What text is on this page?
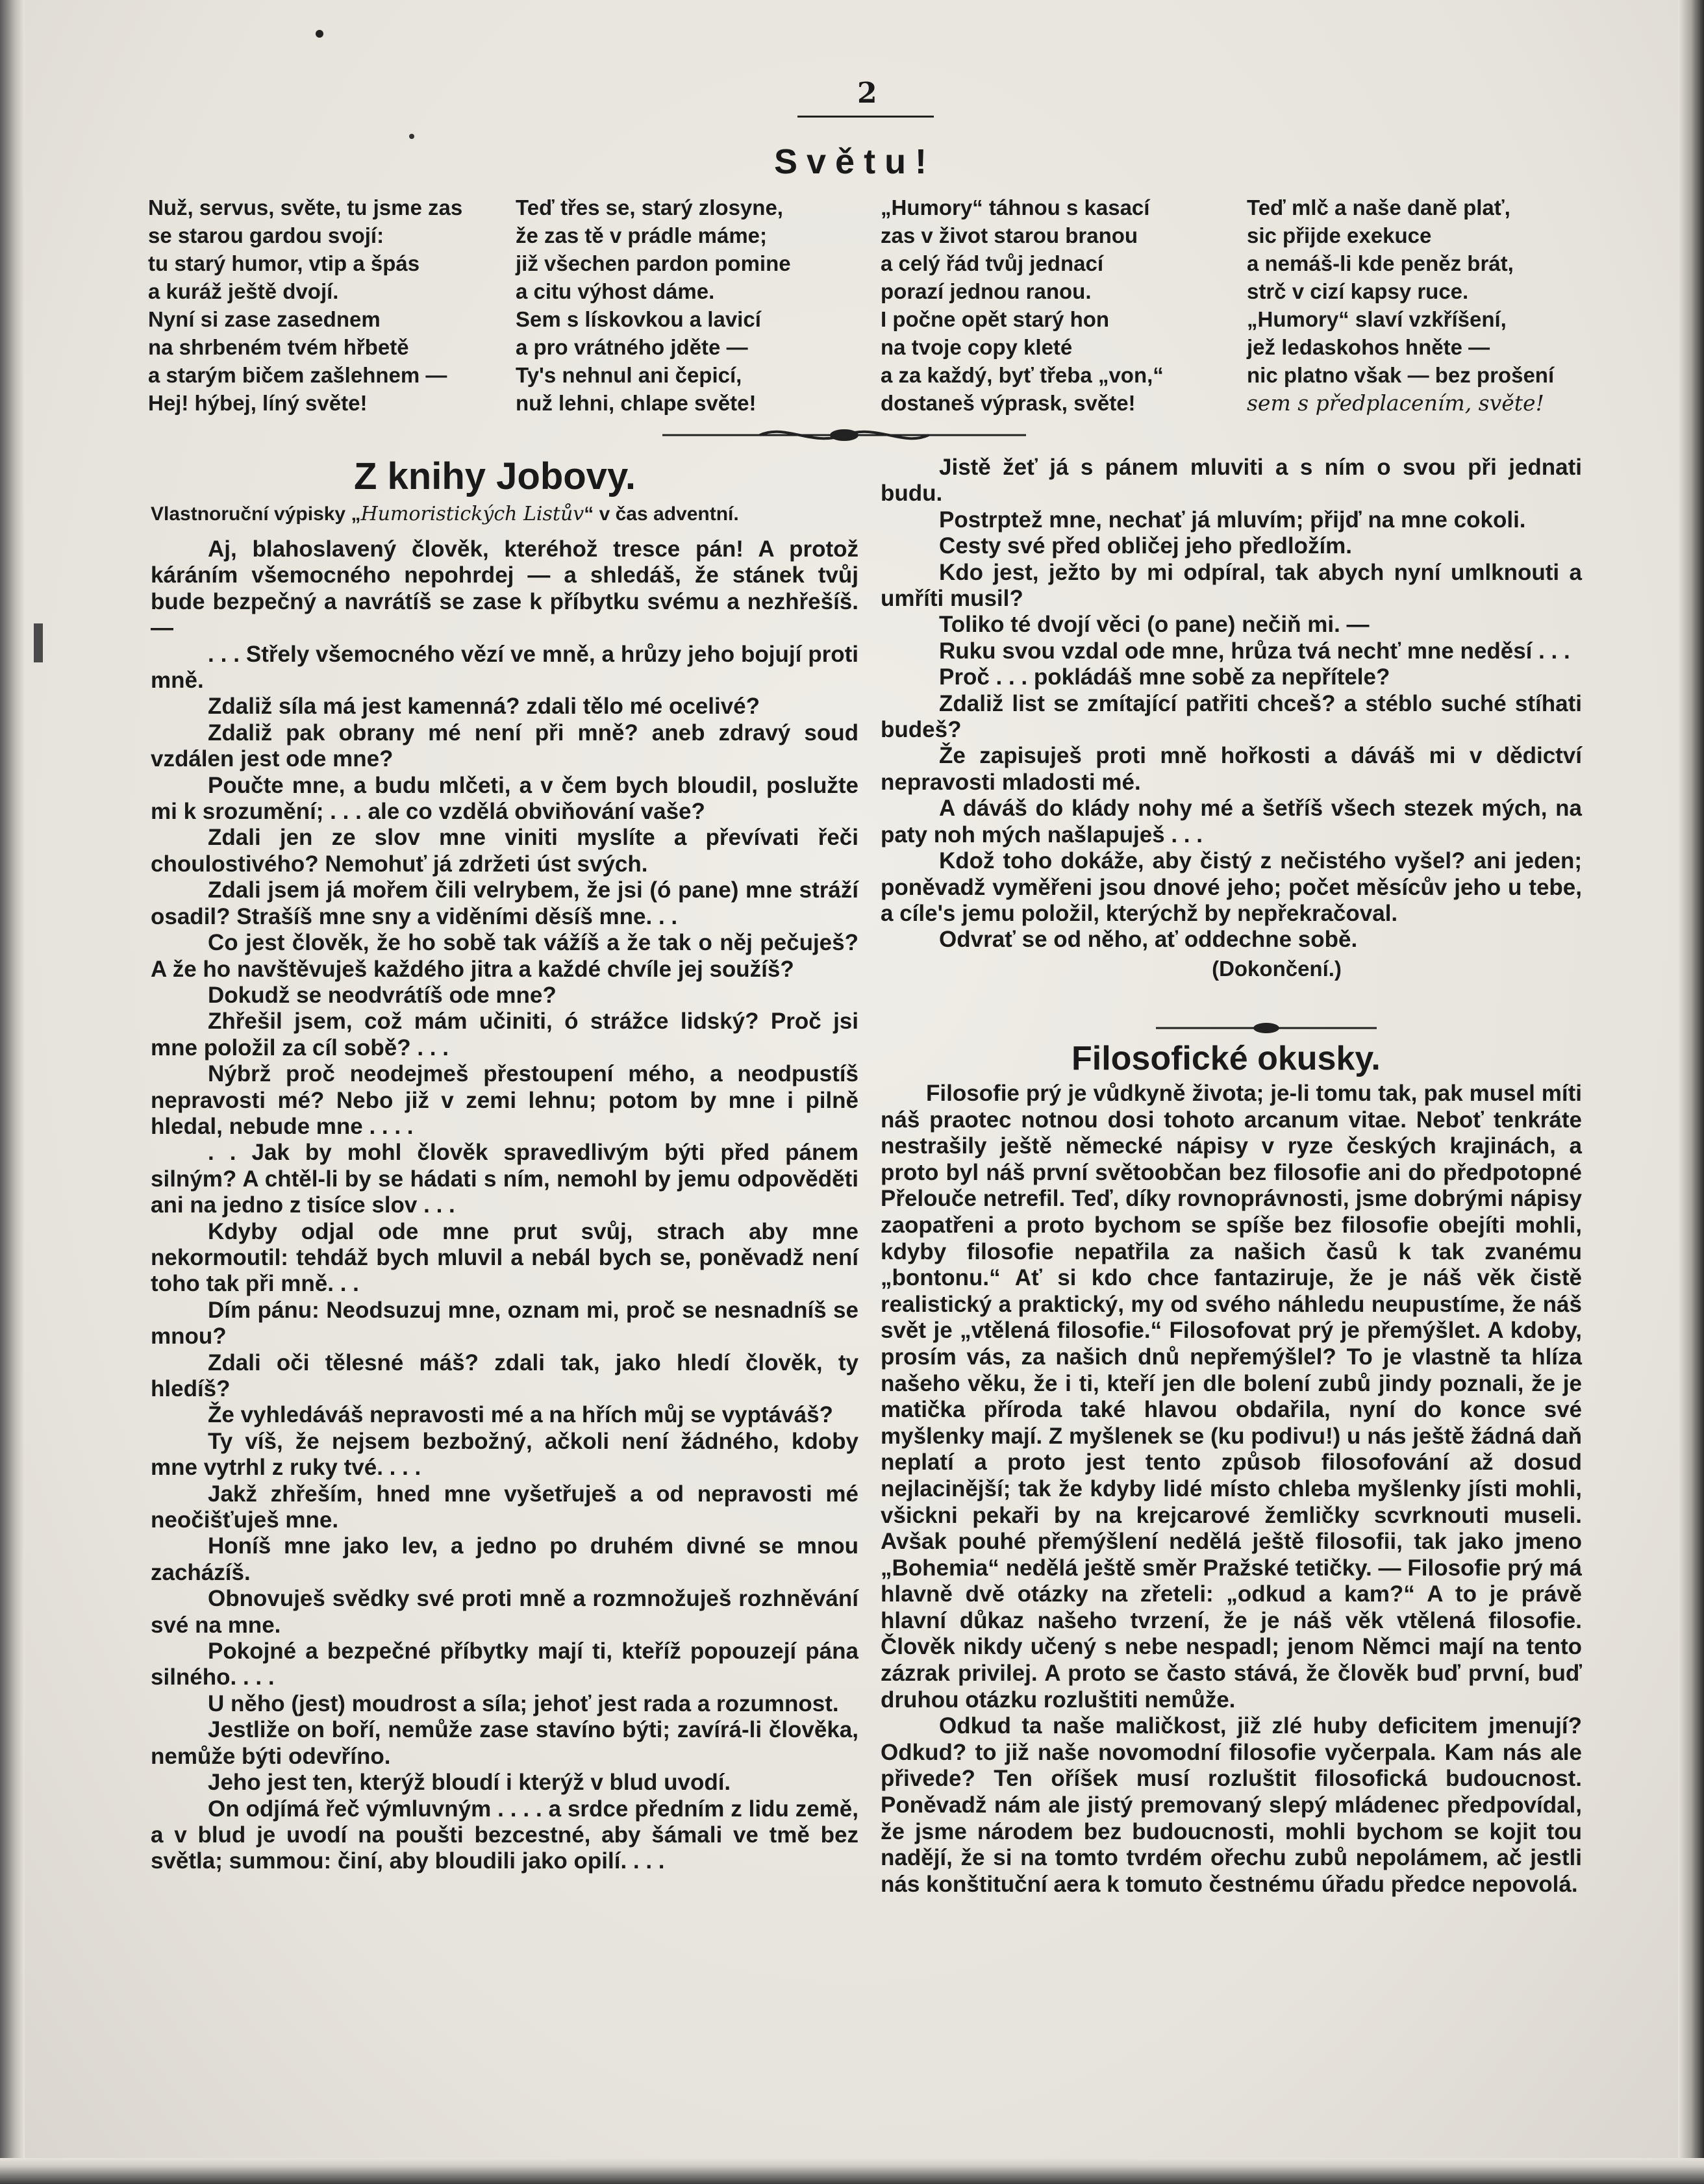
2
Světu!
Nuž, servus, světe, tu jsme zas
se starou gardou svojí:
tu starý humor, vtip a špás
a kuráž ještě dvojí.
Nyní si zase zasednem
na shrbeném tvém hřbetě
a starým bičem zašlehnem —
Hej! hýbej, líný světe!
Teď třes se, starý zlosyne,
že zas tě v prádle máme;
již všechen pardon pomine
a citu výhost dáme.
Sem s lískovkou a lavicí
a pro vrátného jděte —
Ty's nehnul ani čepicí,
nuž lehni, chlape světe!
„Humory“ táhnou s kasací
zas v život starou branou
a celý řád tvůj jednací
porazí jednou ranou.
I počne opět starý hon
na tvoje copy kleté
a za každý, byť třeba „von,“
dostaneš výprask, světe!
Teď mlč a naše daně plať,
sic přijde exekuce
a nemáš-li kde peněz brát,
strč v cizí kapsy ruce.
„Humory“ slaví vzkříšení,
jež ledaskohos hněte —
nic platno však — bez prošení
sem s předplacením, světe!
Z knihy Jobovy.
Vlastnoruční výpisky „Humoristických Listův“ v čas adventní.

Aj, blahoslavený člověk, kteréhož tresce pán! A protož káráním všemocného nepohrdej — a shledáš, že stánek tvůj bude bezpečný a navrátíš se zase k příbytku svému a nezhřešíš. —

. . . Střely všemocného vězí ve mně, a hrůzy jeho bojují proti mně.

Zdaliž síla má jest kamenná? zdali tělo mé ocelivé?

Zdaliž pak obrany mé není při mně? aneb zdravý soud vzdálen jest ode mne?

Poučte mne, a budu mlčeti, a v čem bych bloudil, poslužte mi k srozumění; . . . ale co vzdělá obviňování vaše?

Zdali jen ze slov mne viniti myslíte a převívati řeči choulostivého? Nemohuť já zdržeti úst svých.

Zdali jsem já mořem čili velrybem, že jsi (ó pane) mne stráží osadil? Strašíš mne sny a viděními děsíš mne. . .

Co jest člověk, že ho sobě tak vážíš a že tak o něj pečuješ? A že ho navštěvuješ každého jitra a každé chvíle jej soužíš?

Dokudž se neodvrátíš ode mne?

Zhřešil jsem, což mám učiniti, ó strážce lidský? Proč jsi mne položil za cíl sobě? . . .

Nýbrž proč neodejmeš přestoupení mého, a neodpustíš nepravosti mé? Nebo již v zemi lehnu; potom by mne i pilně hledal, nebude mne . . . .

. . Jak by mohl člověk spravedlivým býti před pánem silným? A chtěl-li by se hádati s ním, nemohl by jemu odpověděti ani na jedno z tisíce slov . . .

Kdyby odjal ode mne prut svůj, strach aby mne nekormoutil: tehdáž bych mluvil a nebál bych se, poněvadž není toho tak při mně. . .

Dím pánu: Neodsuzuj mne, oznam mi, proč se nesnadníš se mnou?

Zdali oči tělesné máš? zdali tak, jako hledí člověk, ty hledíš?

Že vyhledáváš nepravosti mé a na hřích můj se vyptáváš?

Ty víš, že nejsem bezbožný, ačkoli není žádného, kdoby mne vytrhl z ruky tvé. . . .

Jakž zhřeším, hned mne vyšetřuješ a od nepravosti mé neočišťuješ mne.

Honíš mne jako lev, a jedno po druhém divné se mnou zacházíš.

Obnovuješ svědky své proti mně a rozmnožuješ rozhněvání své na mne.

Pokojné a bezpečné příbytky mají ti, kteříž popouzejí pána silného. . . .

U něho (jest) moudrost a síla; jehoť jest rada a rozumnost.

Jestliže on boří, nemůže zase stavíno býti; zavírá-li člověka, nemůže býti odevříno.

Jeho jest ten, kterýž bloudí i kterýž v blud uvodí.

On odjímá řeč výmluvným . . . . a srdce předním z lidu země, a v blud je uvodí na poušti bezcestné, aby šámali ve tmě bez světla; summou: činí, aby bloudili jako opilí. . . .

Jistě žeť já s pánem mluviti a s ním o svou při jednati budu.

Postrptež mne, nechať já mluvím; přijď na mne cokoli.

Cesty své před obličej jeho předložím.

Kdo jest, ježto by mi odpíral, tak abych nyní umlknouti a umříti musil?

Toliko té dvojí věci (o pane) nečiň mi. —

Ruku svou vzdal ode mne, hrůza tvá nechť mne neděsí . . .

Proč . . . pokládáš mne sobě za nepřítele?

Zdaliž list se zmítající patřiti chceš? a stéblo suché stíhati budeš?

Že zapisuješ proti mně hořkosti a dáváš mi v dědictví nepravosti mladosti mé.

A dáváš do klády nohy mé a šetříš všech stezek mých, na paty noh mých našlapuješ . . .

Kdož toho dokáže, aby čistý z nečistého vyšel? ani jeden; poněvadž vyměřeni jsou dnové jeho; počet měsícův jeho u tebe, a cíle's jemu položil, kterýchž by nepřekračoval.

Odvrať se od něho, ať oddechne sobě.

(Dokončení.)
Filosofické okusky.

Filosofie prý je vůdkyně života; je-li tomu tak, pak musel míti náš praotec notnou dosi tohoto arcanum vitae. Neboť tenkráte nestrašily ještě německé nápisy v ryze českých krajinách, a proto byl náš první světoobčan bez filosofie ani do předpotopné Přelouče netrefil. Teď, díky rovnoprávnosti, jsme dobrými nápisy zaopatřeni a proto bychom se spíše bez filosofie obejíti mohli, kdyby filosofie nepatřila za našich časů k tak zvanému „bontonu.“ Ať si kdo chce fantaziruje, že je náš věk čistě realistický a praktický, my od svého náhledu neupustíme, že náš svět je „vtělená filosofie.“ Filosofovat prý je přemýšlet. A kdoby, prosím vás, za našich dnů nepřemýšlel? To je vlastně ta hlíza našeho věku, že i ti, kteří jen dle bolení zubů jindy poznali, že je matička příroda také hlavou obdařila, nyní do konce své myšlenky mají. Z myšlenek se (ku podivu!) u nás ještě žádná daň neplatí a proto jest tento způsob filosofování až dosud nejlacinější; tak že kdyby lidé místo chleba myšlenky jísti mohli, všickni pekaři by na krejcarové žemličky scvrknouti museli. Avšak pouhé přemýšlení nedělá ještě filosofii, tak jako jmeno „Bohemia“ nedělá ještě směr Pražské tetičky. — Filosofie prý má hlavně dvě otázky na zřeteli: „odkud a kam?“ A to je právě hlavní důkaz našeho tvrzení, že je náš věk vtělená filosofie. Člověk nikdy učený s nebe nespadl; jenom Němci mají na tento zázrak privilej. A proto se často stává, že člověk buď první, buď druhou otázku rozluštiti nemůže.

Odkud ta naše maličkost, již zlé huby deficitem jmenují? Odkud? to již naše novomodní filosofie vyčerpala. Kam nás ale přivede? Ten oříšek musí rozluštit filosofická budoucnost. Poněvadž nám ale jistý premovaný slepý mládenec předpovídal, že jsme národem bez budoucnosti, mohli bychom se kojit tou nadějí, že si na tomto tvrdém ořechu zubů nepolámem, ač jestli nás konštituční aera k tomuto čestnému úřadu předce nepovolá.
